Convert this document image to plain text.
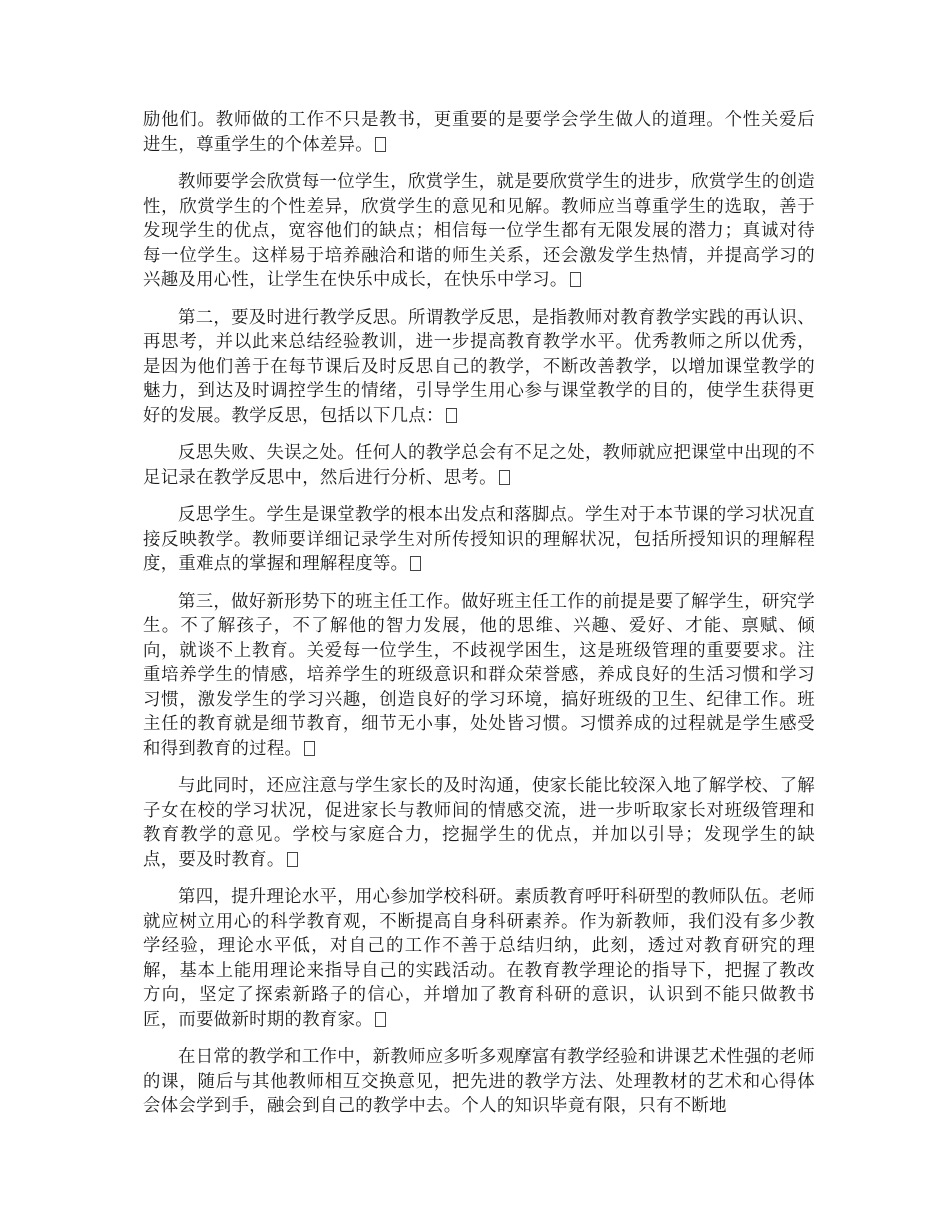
励他们。教师做的工作不只是教书，更重要的是要学会学生做人的道理。个性关爱后进生，尊重学生的个体差异。

教师要学会欣赏每一位学生，欣赏学生，就是要欣赏学生的进步，欣赏学生的创造性，欣赏学生的个性差异，欣赏学生的意见和见解。教师应当尊重学生的选取，善于发现学生的优点，宽容他们的缺点；相信每一位学生都有无限发展的潜力；真诚对待每一位学生。这样易于培养融洽和谐的师生关系，还会激发学生热情，并提高学习的兴趣及用心性，让学生在快乐中成长，在快乐中学习。

第二，要及时进行教学反思。所谓教学反思，是指教师对教育教学实践的再认识、再思考，并以此来总结经验教训，进一步提高教育教学水平。优秀教师之所以优秀，是因为他们善于在每节课后及时反思自己的教学，不断改善教学，以增加课堂教学的魅力，到达及时调控学生的情绪，引导学生用心参与课堂教学的目的，使学生获得更好的发展。教学反思，包括以下几点：

反思失败、失误之处。任何人的教学总会有不足之处，教师就应把课堂中出现的不足记录在教学反思中，然后进行分析、思考。

反思学生。学生是课堂教学的根本出发点和落脚点。学生对于本节课的学习状况直接反映教学。教师要详细记录学生对所传授知识的理解状况，包括所授知识的理解程度，重难点的掌握和理解程度等。

第三，做好新形势下的班主任工作。做好班主任工作的前提是要了解学生，研究学生。不了解孩子，不了解他的智力发展，他的思维、兴趣、爱好、才能、禀赋、倾向，就谈不上教育。关爱每一位学生，不歧视学困生，这是班级管理的重要要求。注重培养学生的情感，培养学生的班级意识和群众荣誉感，养成良好的生活习惯和学习习惯，激发学生的学习兴趣，创造良好的学习环境，搞好班级的卫生、纪律工作。班主任的教育就是细节教育，细节无小事，处处皆习惯。习惯养成的过程就是学生感受和得到教育的过程。

与此同时，还应注意与学生家长的及时沟通，使家长能比较深入地了解学校、了解子女在校的学习状况，促进家长与教师间的情感交流，进一步听取家长对班级管理和教育教学的意见。学校与家庭合力，挖掘学生的优点，并加以引导；发现学生的缺点，要及时教育。

第四，提升理论水平，用心参加学校科研。素质教育呼吁科研型的教师队伍。老师就应树立用心的科学教育观，不断提高自身科研素养。作为新教师，我们没有多少教学经验，理论水平低，对自己的工作不善于总结归纳，此刻，透过对教育研究的理解，基本上能用理论来指导自己的实践活动。在教育教学理论的指导下，把握了教改方向，坚定了探索新路子的信心，并增加了教育科研的意识，认识到不能只做教书匠，而要做新时期的教育家。

在日常的教学和工作中，新教师应多听多观摩富有教学经验和讲课艺术性强的老师的课，随后与其他教师相互交换意见，把先进的教学方法、处理教材的艺术和心得体会体会学到手，融会到自己的教学中去。个人的知识毕竟有限，只有不断地
